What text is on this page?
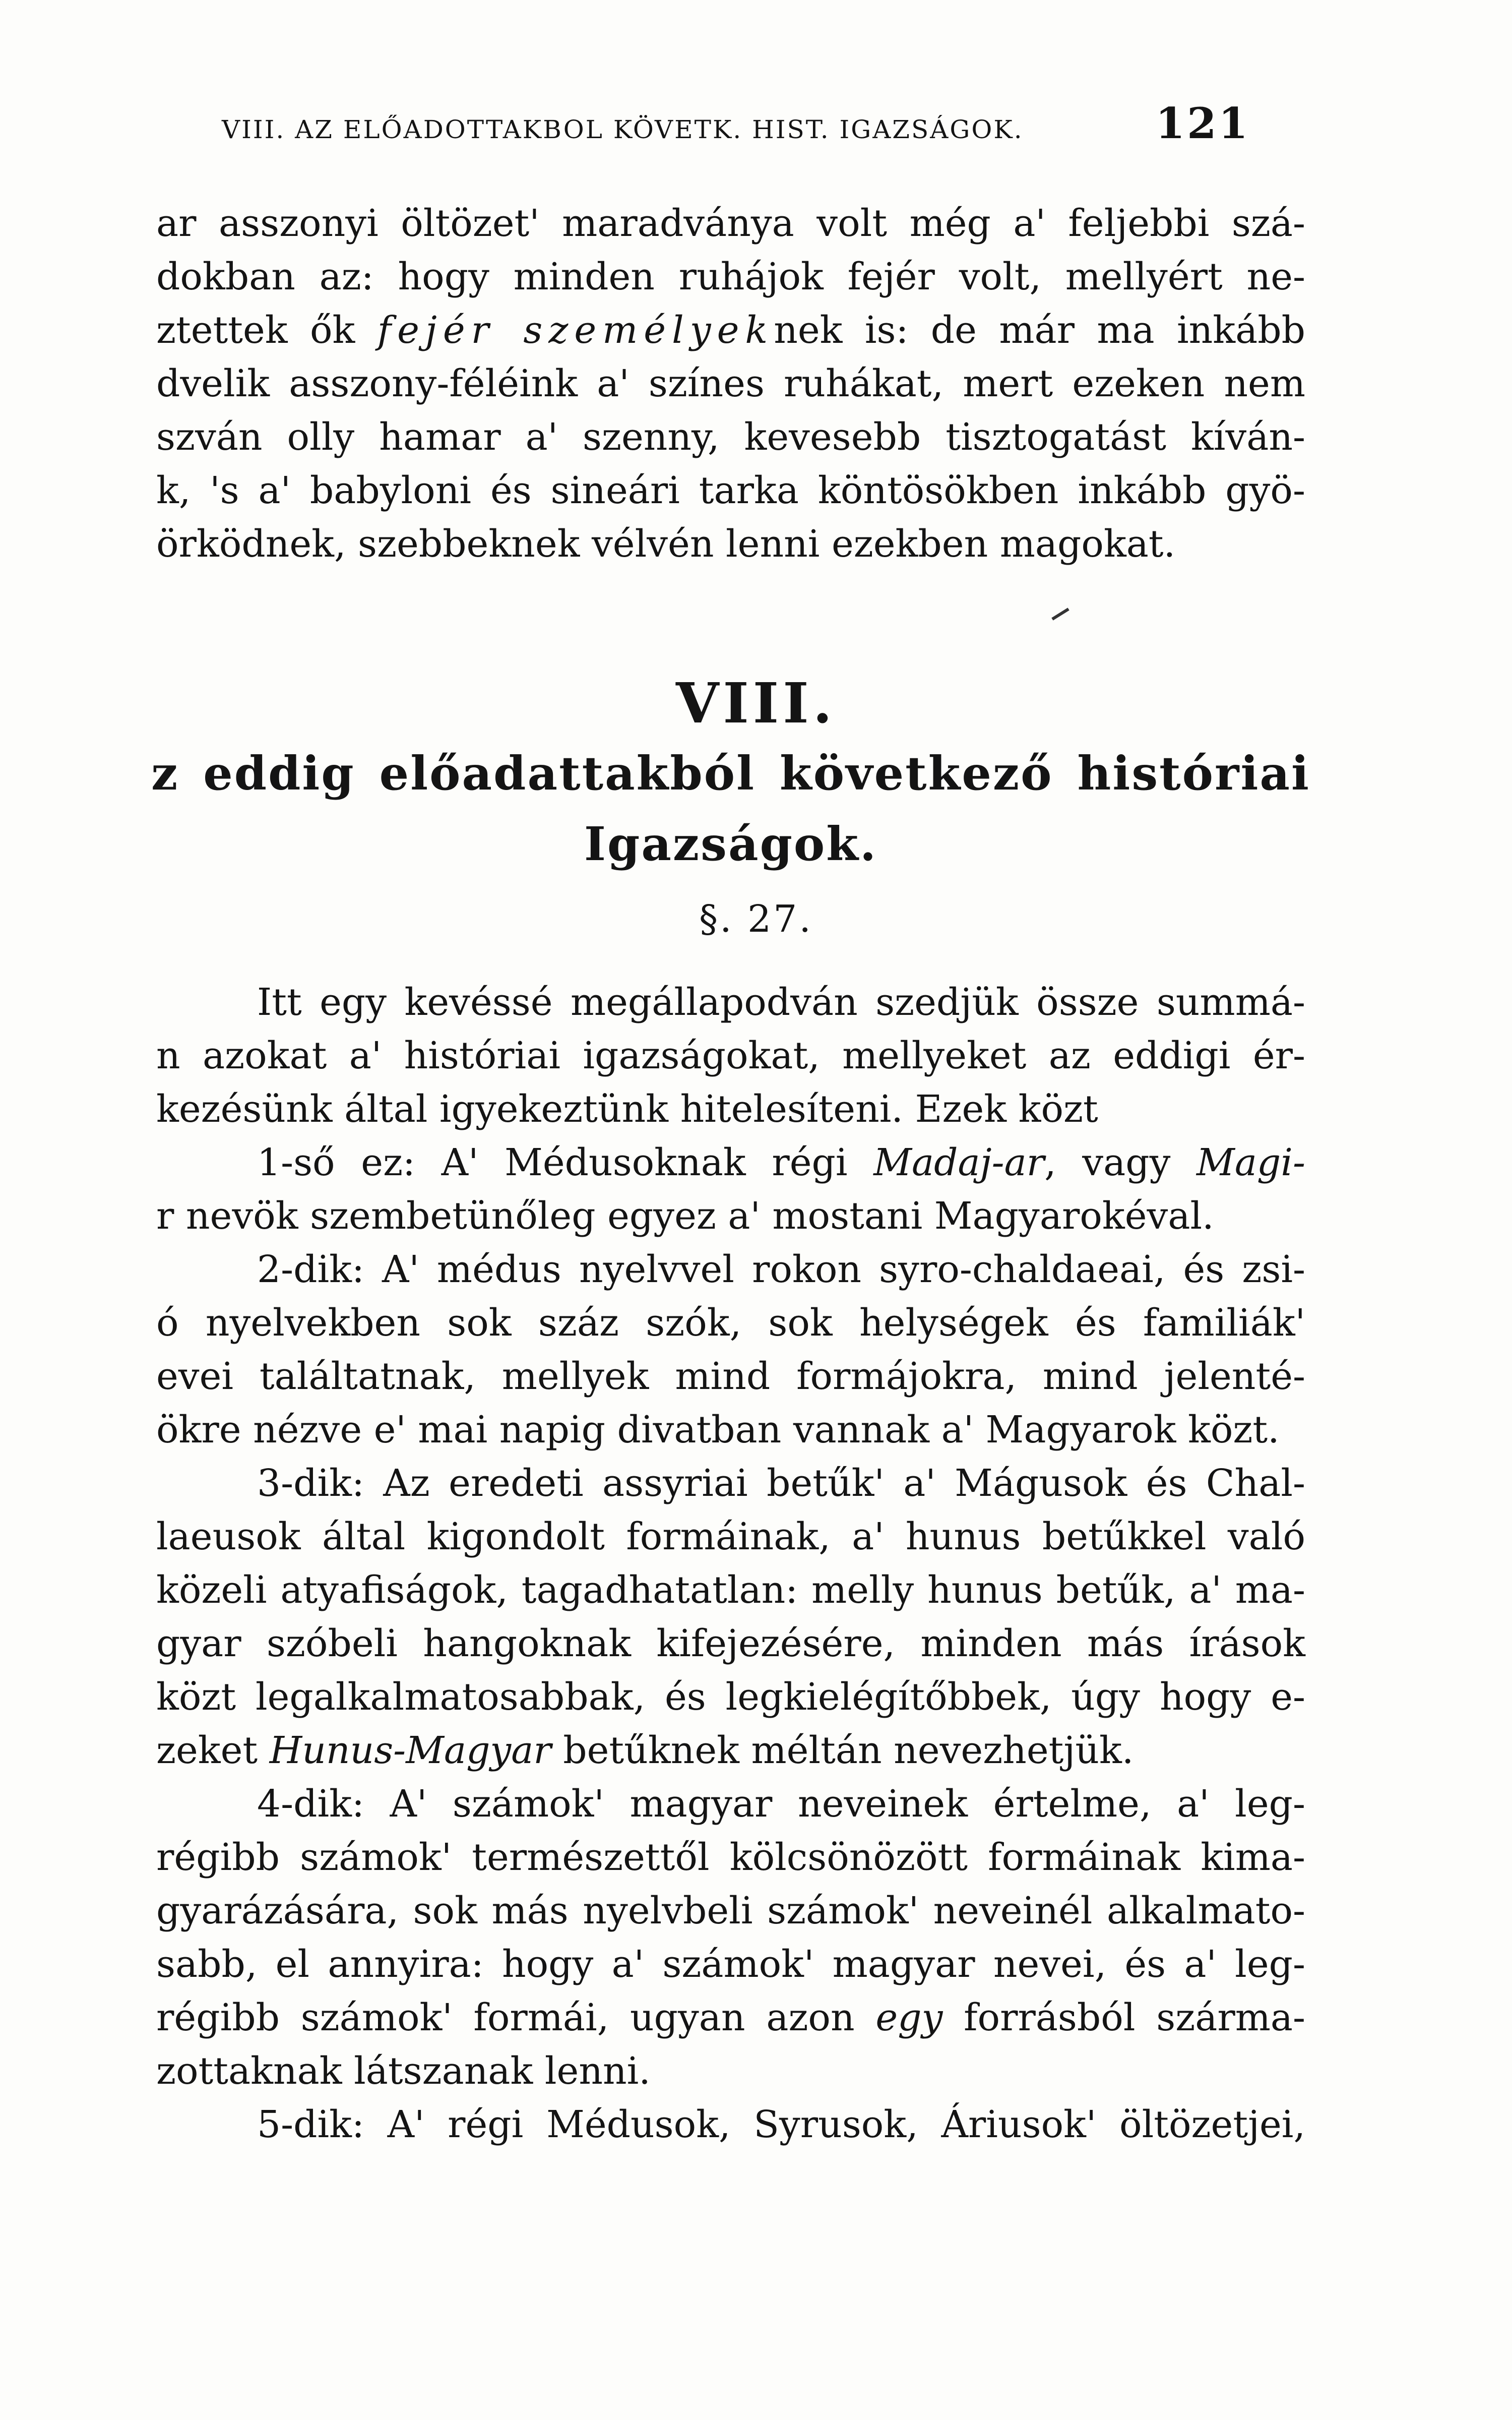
VIII. AZ ELŐADOTTAKBOL KÖVETK. HIST. IGAZSÁGOK.	121
ar asszonyi öltözet' maradványa volt még a' feljebbi szá-
dokban az: hogy minden ruhájok fejér volt, mellyért ne-
ztettek ők fejér személyeknek is: de már ma inkább
dvelik asszony-féléink a' színes ruhákat, mert ezeken nem
szván olly hamar a' szenny, kevesebb tisztogatást kíván-
k, 's a' babyloni és sineári tarka köntösökben inkább gyö-
örködnek, szebbeknek vélvén lenni ezekben magokat.
VIII.
z eddig előadattakból következő históriai
Igazságok.
§. 27.
Itt egy kevéssé megállapodván szedjük össze summá-
n azokat a' históriai igazságokat, mellyeket az eddigi ér-
kezésünk által igyekeztünk hitelesíteni. Ezek közt
1-ső ez: A' Médusoknak régi Madaj-ar, vagy Magi-
r nevök szembetünőleg egyez a' mostani Magyarokéval.
2-dik: A' médus nyelvvel rokon syro-chaldaeai, és zsi-
ó nyelvekben sok száz szók, sok helységek és familiák'
evei találtatnak, mellyek mind formájokra, mind jelenté-
ökre nézve e' mai napig divatban vannak a' Magyarok közt.
3-dik: Az eredeti assyriai betűk' a' Mágusok és Chal-
laeusok által kigondolt formáinak, a' hunus betűkkel való
közeli atyafiságok, tagadhatatlan: melly hunus betűk, a' ma-
gyar szóbeli hangoknak kifejezésére, minden más írások
közt legalkalmatosabbak, és legkielégítőbbek, úgy hogy e-
zeket Hunus-Magyar betűknek méltán nevezhetjük.
4-dik: A' számok' magyar neveinek értelme, a' leg-
régibb számok' természettől kölcsönözött formáinak kima-
gyarázására, sok más nyelvbeli számok' neveinél alkalmato-
sabb, el annyira: hogy a' számok' magyar nevei, és a' leg-
régibb számok' formái, ugyan azon egy forrásból szárma-
zottaknak látszanak lenni.
5-dik: A' régi Médusok, Syrusok, Áriusok' öltözetjei,
